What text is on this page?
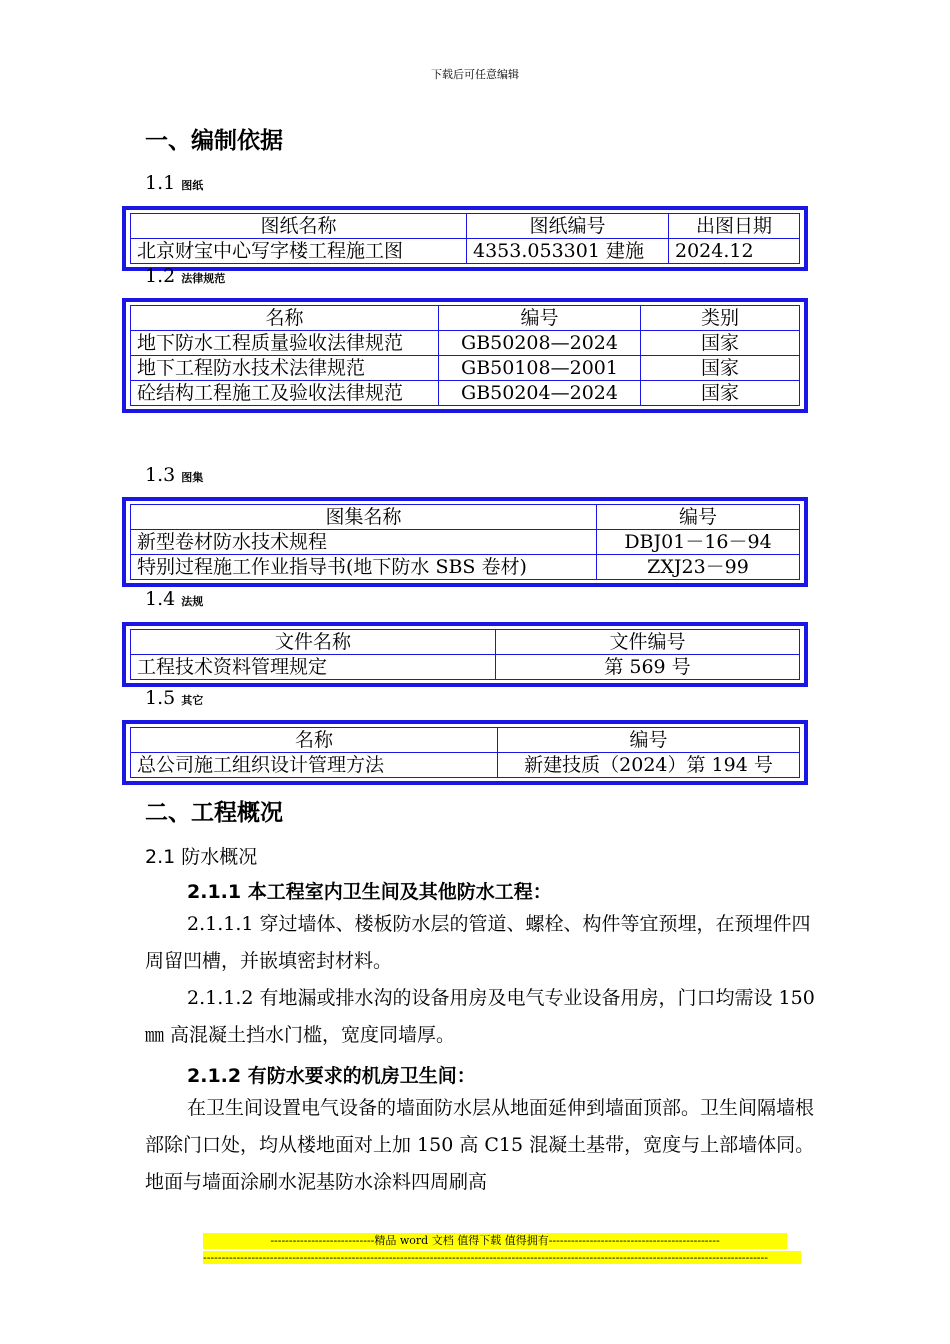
下载后可任意编辑
一、编制依据
1.1 图纸
图纸名称	图纸编号	出图日期
北京财宝中心写字楼工程施工图	4353.053301 建施	2024.12
1.2 法律规范
名称	编号	类别
地下防水工程质量验收法律规范	GB50208—2024	国家
地下工程防水技术法律规范	GB50108—2001	国家
砼结构工程施工及验收法律规范	GB50204—2024	国家
1.3 图集
图集名称	编号
新型卷材防水技术规程	DBJ01－16－94
特别过程施工作业指导书(地下防水 SBS 卷材)	ZXJ23－99
1.4 法规
文件名称	文件编号
工程技术资料管理规定	第 569 号
1.5 其它
名称	编号
总公司施工组织设计管理方法	新建技质（2024）第 194 号
二、工程概况
2.1 防水概况
2.1.1 本工程室内卫生间及其他防水工程：
2.1.1.1 穿过墙体、楼板防水层的管道、螺栓、构件等宜预埋，在预埋件四周留凹槽，并嵌填密封材料。
2.1.1.2 有地漏或排水沟的设备用房及电气专业设备用房，门口均需设 150㎜ 高混凝土挡水门槛，宽度同墙厚。
2.1.2 有防水要求的机房卫生间：
在卫生间设置电气设备的墙面防水层从地面延伸到墙面顶部。卫生间隔墙根部除门口处，均从楼地面对上加 150 高 C15 混凝土基带，宽度与上部墙体同。地面与墙面涂刷水泥基防水涂料四周刷高
----------------------------精品 word 文档 值得下载 值得拥有----------------------------------------------
--------------------------------------------------------------------------------------------------------------------------------------------------------
